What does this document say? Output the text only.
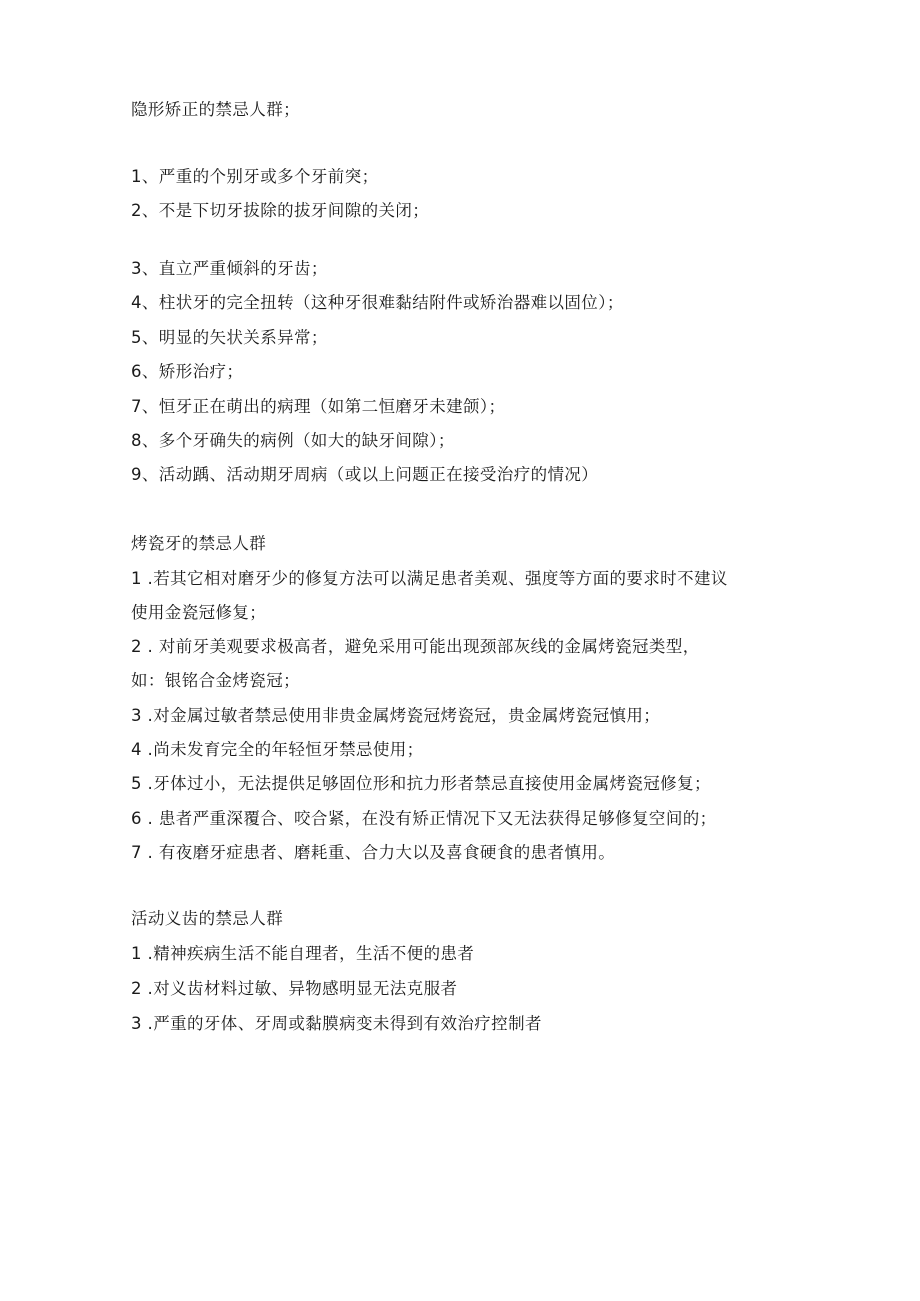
隐形矫正的禁忌人群；
1、严重的个别牙或多个牙前突；
2、不是下切牙拔除的拔牙间隙的关闭；
3、直立严重倾斜的牙齿；
4、柱状牙的完全扭转（这种牙很难黏结附件或矫治器难以固位）；
5、明显的矢状关系异常；
6、矫形治疗；
7、恒牙正在萌出的病理（如第二恒磨牙未建颌）；
8、多个牙确失的病例（如大的缺牙间隙）；
9、活动踽、活动期牙周病（或以上问题正在接受治疗的情况）
烤瓷牙的禁忌人群
1 .若其它相对磨牙少的修复方法可以满足患者美观、强度等方面的要求时不建议
使用金瓷冠修复；
2 . 对前牙美观要求极高者，避免采用可能出现颈部灰线的金属烤瓷冠类型，
如：银铭合金烤瓷冠；
3 .对金属过敏者禁忌使用非贵金属烤瓷冠烤瓷冠，贵金属烤瓷冠慎用；
4 .尚未发育完全的年轻恒牙禁忌使用；
5 .牙体过小，无法提供足够固位形和抗力形者禁忌直接使用金属烤瓷冠修复；
6 . 患者严重深覆合、咬合紧，在没有矫正情况下又无法获得足够修复空间的；
7 . 有夜磨牙症患者、磨耗重、合力大以及喜食硬食的患者慎用。
活动义齿的禁忌人群
1 .精神疾病生活不能自理者，生活不便的患者
2 .对义齿材料过敏、异物感明显无法克服者
3 .严重的牙体、牙周或黏膜病变未得到有效治疗控制者
